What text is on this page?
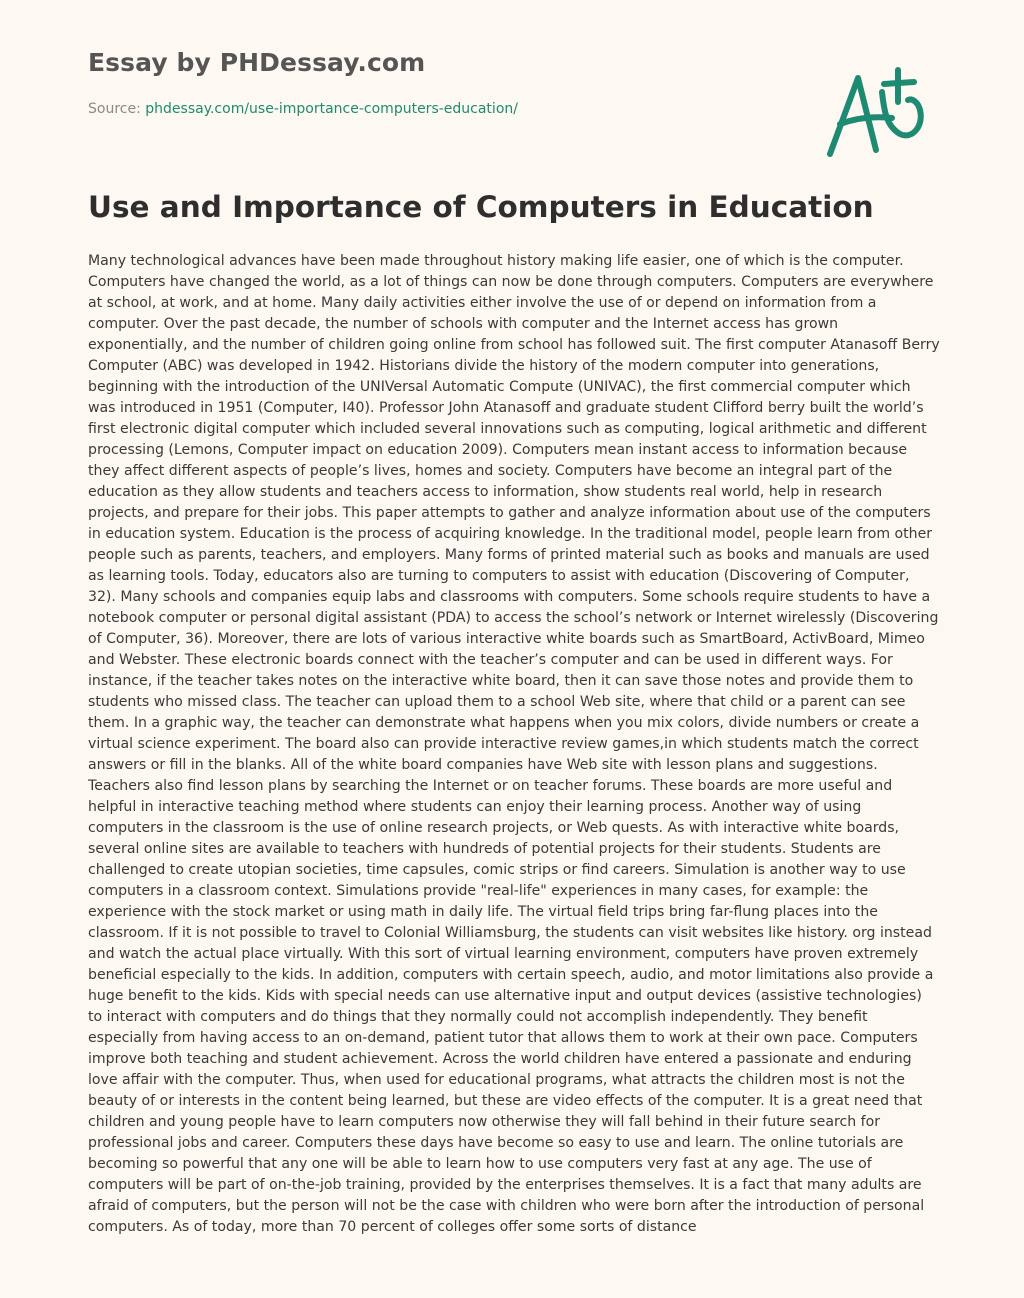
Essay by PHDessay.com
Source: phdessay.com/use-importance-computers-education/
Use and Importance of Computers in Education

Many technological advances have been made throughout history making life easier, one of which is the computer. Computers have changed the world, as a lot of things can now be done through computers. Computers are everywhere at school, at work, and at home. Many daily activities either involve the use of or depend on information from a computer. Over the past decade, the number of schools with computer and the Internet access has grown exponentially, and the number of children going online from school has followed suit. The first computer Atanasoff Berry Computer (ABC) was developed in 1942. Historians divide the history of the modern computer into generations, beginning with the introduction of the UNIVersal Automatic Compute (UNIVAC), the first commercial computer which was introduced in 1951 (Computer, I40). Professor John Atanasoff and graduate student Clifford berry built the world’s first electronic digital computer which included several innovations such as computing, logical arithmetic and different processing (Lemons, Computer impact on education 2009). Computers mean instant access to information because they affect different aspects of people’s lives, homes and society. Computers have become an integral part of the education as they allow students and teachers access to information, show students real world, help in research projects, and prepare for their jobs. This paper attempts to gather and analyze information about use of the computers in education system. Education is the process of acquiring knowledge. In the traditional model, people learn from other people such as parents, teachers, and employers. Many forms of printed material such as books and manuals are used as learning tools. Today, educators also are turning to computers to assist with education (Discovering of Computer, 32). Many schools and companies equip labs and classrooms with computers. Some schools require students to have a notebook computer or personal digital assistant (PDA) to access the school’s network or Internet wirelessly (Discovering of Computer, 36). Moreover, there are lots of various interactive white boards such as SmartBoard, ActivBoard, Mimeo and Webster. These electronic boards connect with the teacher’s computer and can be used in different ways. For instance, if the teacher takes notes on the interactive white board, then it can save those notes and provide them to students who missed class. The teacher can upload them to a school Web site, where that child or a parent can see them. In a graphic way, the teacher can demonstrate what happens when you mix colors, divide numbers or create a virtual science experiment. The board also can provide interactive review games,in which students match the correct answers or fill in the blanks. All of the white board companies have Web site with lesson plans and suggestions. Teachers also find lesson plans by searching the Internet or on teacher forums. These boards are more useful and helpful in interactive teaching method where students can enjoy their learning process. Another way of using computers in the classroom is the use of online research projects, or Web quests. As with interactive white boards, several online sites are available to teachers with hundreds of potential projects for their students. Students are challenged to create utopian societies, time capsules, comic strips or find careers. Simulation is another way to use computers in a classroom context. Simulations provide "real-life" experiences in many cases, for example: the experience with the stock market or using math in daily life. The virtual field trips bring far-flung places into the classroom. If it is not possible to travel to Colonial Williamsburg, the students can visit websites like history. org instead and watch the actual place virtually. With this sort of virtual learning environment, computers have proven extremely beneficial especially to the kids. In addition, computers with certain speech, audio, and motor limitations also provide a huge benefit to the kids. Kids with special needs can use alternative input and output devices (assistive technologies) to interact with computers and do things that they normally could not accomplish independently. They benefit especially from having access to an on-demand, patient tutor that allows them to work at their own pace. Computers improve both teaching and student achievement. Across the world children have entered a passionate and enduring love affair with the computer. Thus, when used for educational programs, what attracts the children most is not the beauty of or interests in the content being learned, but these are video effects of the computer. It is a great need that children and young people have to learn computers now otherwise they will fall behind in their future search for professional jobs and career. Computers these days have become so easy to use and learn. The online tutorials are becoming so powerful that any one will be able to learn how to use computers very fast at any age. The use of computers will be part of on-the-job training, provided by the enterprises themselves. It is a fact that many adults are afraid of computers, but the person will not be the case with children who were born after the introduction of personal computers. As of today, more than 70 percent of colleges offer some sorts of distance
